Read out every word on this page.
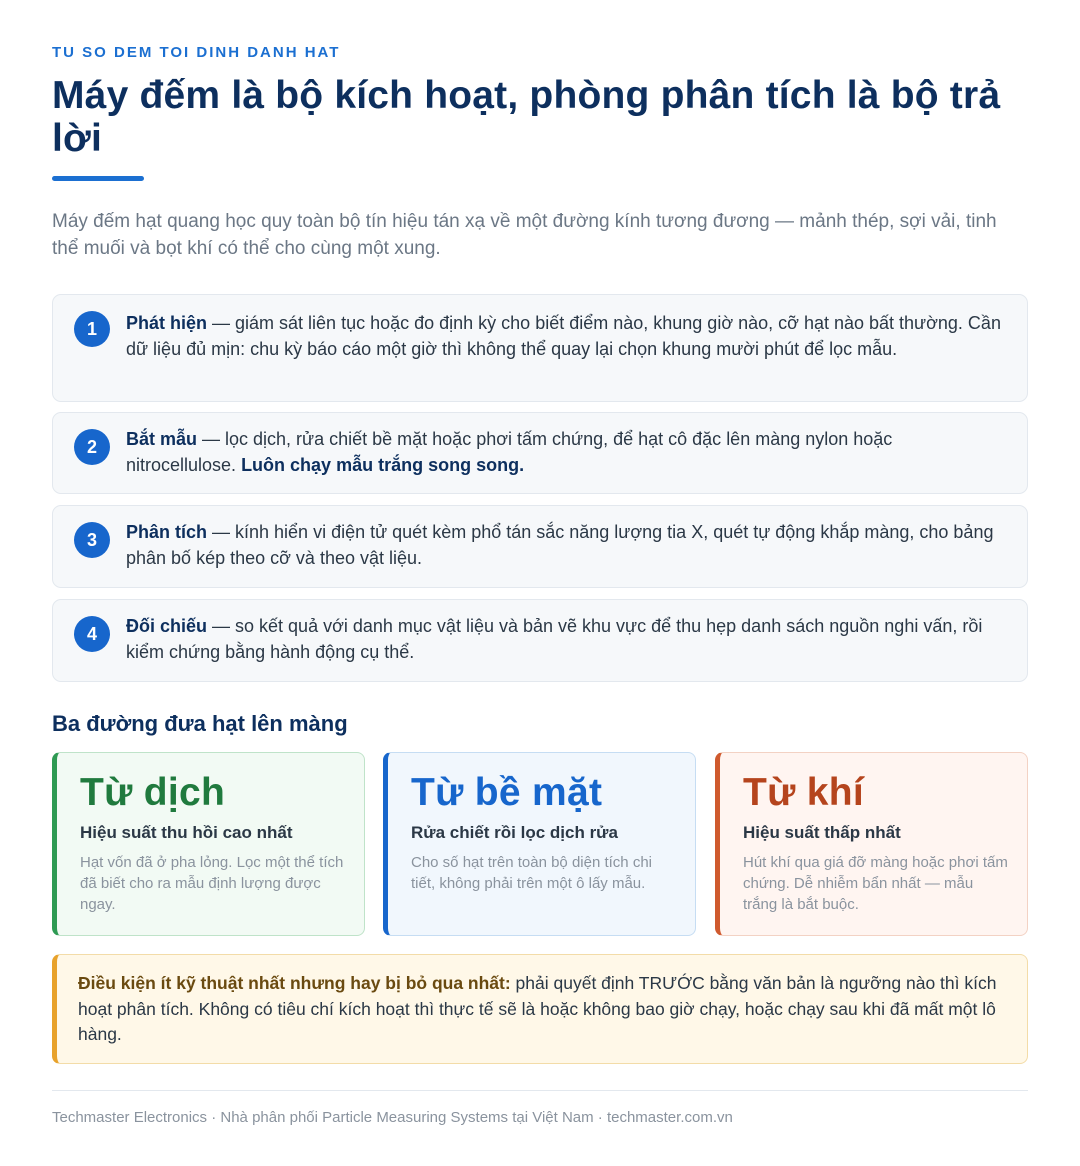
TU SO DEM TOI DINH DANH HAT
Máy đếm là bộ kích hoạt, phòng phân tích là bộ trả lời

Máy đếm hạt quang học quy toàn bộ tín hiệu tán xạ về một đường kính tương đương — mảnh thép, sợi vải, tinh thể muối và bọt khí có thể cho cùng một xung.

1	Phát hiện — giám sát liên tục hoặc đo định kỳ cho biết điểm nào, khung giờ nào, cỡ hạt nào bất thường. Cần dữ liệu đủ mịn: chu kỳ báo cáo một giờ thì không thể quay lại chọn khung mười phút để lọc mẫu.
2	Bắt mẫu — lọc dịch, rửa chiết bề mặt hoặc phơi tấm chứng, để hạt cô đặc lên màng nylon hoặc nitrocellulose. Luôn chạy mẫu trắng song song.
3	Phân tích — kính hiển vi điện tử quét kèm phổ tán sắc năng lượng tia X, quét tự động khắp màng, cho bảng phân bố kép theo cỡ và theo vật liệu.
4	Đối chiếu — so kết quả với danh mục vật liệu và bản vẽ khu vực để thu hẹp danh sách nguồn nghi vấn, rồi kiểm chứng bằng hành động cụ thể.
Ba đường đưa hạt lên màng
Từ dịch
Hiệu suất thu hồi cao nhất
Hạt vốn đã ở pha lỏng. Lọc một thể tích đã biết cho ra mẫu định lượng được ngay.
Từ bề mặt
Rửa chiết rồi lọc dịch rửa
Cho số hạt trên toàn bộ diện tích chi tiết, không phải trên một ô lấy mẫu.
Từ khí
Hiệu suất thấp nhất
Hút khí qua giá đỡ màng hoặc phơi tấm chứng. Dễ nhiễm bẩn nhất — mẫu trắng là bắt buộc.
Điều kiện ít kỹ thuật nhất nhưng hay bị bỏ qua nhất: phải quyết định TRƯỚC bằng văn bản là ngưỡng nào thì kích hoạt phân tích. Không có tiêu chí kích hoạt thì thực tế sẽ là hoặc không bao giờ chạy, hoặc chạy sau khi đã mất một lô hàng.
Techmaster Electronics · Nhà phân phối Particle Measuring Systems tại Việt Nam · techmaster.com.vn
